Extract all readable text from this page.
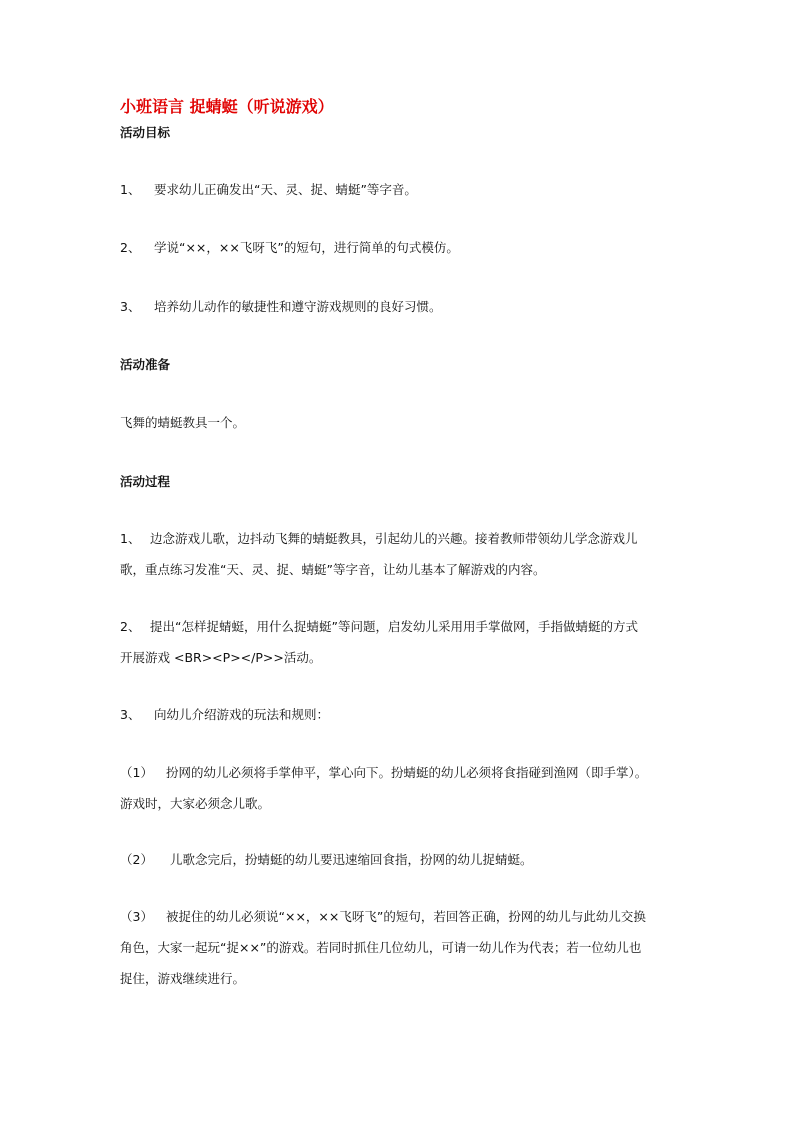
小班语言 捉蜻蜓（听说游戏）
活动目标
1、 要求幼儿正确发出“天、灵、捉、蜻蜓”等字音。
2、 学说“××，××飞呀飞”的短句，进行简单的句式模仿。
3、 培养幼儿动作的敏捷性和遵守游戏规则的良好习惯。
活动准备
飞舞的蜻蜓教具一个。
活动过程
1、 边念游戏儿歌，边抖动飞舞的蜻蜓教具，引起幼儿的兴趣。接着教师带领幼儿学念游戏儿
歌，重点练习发准“天、灵、捉、蜻蜓”等字音，让幼儿基本了解游戏的内容。
2、 提出“怎样捉蜻蜓，用什么捉蜻蜓”等问题，启发幼儿采用用手掌做网，手指做蜻蜓的方式
开展游戏 <BR><P></P>>活动。
3、 向幼儿介绍游戏的玩法和规则：
（1） 扮网的幼儿必须将手掌伸平，掌心向下。扮蜻蜓的幼儿必须将食指碰到渔网（即手掌）。
游戏时，大家必须念儿歌。
（2） 儿歌念完后，扮蜻蜓的幼儿要迅速缩回食指，扮网的幼儿捉蜻蜓。
（3） 被捉住的幼儿必须说“××，××飞呀飞”的短句，若回答正确，扮网的幼儿与此幼儿交换
角色，大家一起玩“捉××”的游戏。若同时抓住几位幼儿，可请一幼儿作为代表；若一位幼儿也
捉住，游戏继续进行。
